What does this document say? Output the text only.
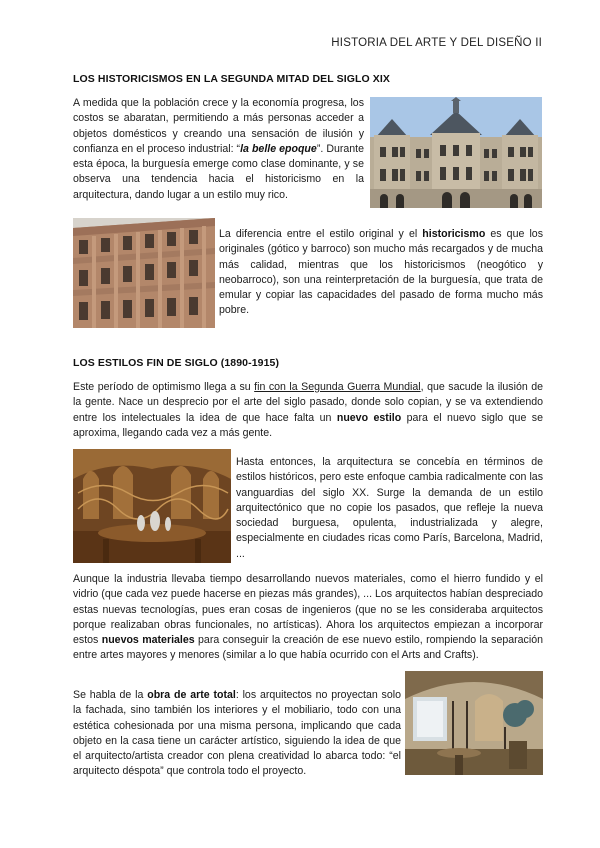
HISTORIA DEL ARTE Y DEL DISEÑO II
LOS HISTORICISMOS EN LA SEGUNDA MITAD DEL SIGLO XIX
A medida que la población crece y la economía progresa, los costos se abaratan, permitiendo a más personas acceder a objetos domésticos y creando una sensación de ilusión y confianza en el proceso industrial: “la belle epoque”. Durante esta época, la burguesía emerge como clase dominante, y se observa una tendencia hacia el historicismo en la arquitectura, dando lugar a un estilo muy rico.
La diferencia entre el estilo original y el historicismo es que los originales (gótico y barroco) son mucho más recargados y de mucha más calidad, mientras que los historicismos (neogótico y neobarroco), son una reinterpretación de la burguesía, que trata de emular y copiar las capacidades del pasado de forma mucho más pobre.
LOS ESTILOS FIN DE SIGLO (1890-1915)
Este período de optimismo llega a su fin con la Segunda Guerra Mundial, que sacude la ilusión de la gente. Nace un desprecio por el arte del siglo pasado, donde solo copian, y se va extendiendo entre los intelectuales la idea de que hace falta un nuevo estilo para el nuevo siglo que se aproxima, llegando cada vez a más gente.
Hasta entonces, la arquitectura se concebía en términos de estilos históricos, pero este enfoque cambia radicalmente con las vanguardias del siglo XX. Surge la demanda de un estilo arquitectónico que no copie los pasados, que refleje la nueva sociedad burguesa, opulenta, industrializada y alegre, especialmente en ciudades ricas como París, Barcelona, Madrid, ...
Aunque la industria llevaba tiempo desarrollando nuevos materiales, como el hierro fundido y el vidrio (que cada vez puede hacerse en piezas más grandes), ... Los arquitectos habían despreciado estas nuevas tecnologías, pues eran cosas de ingenieros (que no se les consideraba arquitectos porque realizaban obras funcionales, no artísticas). Ahora los arquitectos empiezan a incorporar estos nuevos materiales para conseguir la creación de ese nuevo estilo, rompiendo la separación entre artes mayores y menores (similar a lo que había ocurrido con el Arts and Crafts).
Se habla de la obra de arte total: los arquitectos no proyectan solo la fachada, sino también los interiores y el mobiliario, todo con una estética cohesionada por una misma persona, implicando que cada objeto en la casa tiene un carácter artístico, siguiendo la idea de que el arquitecto/artista creador con plena creatividad lo abarca todo: “el arquitecto déspota” que controla todo el proyecto.
